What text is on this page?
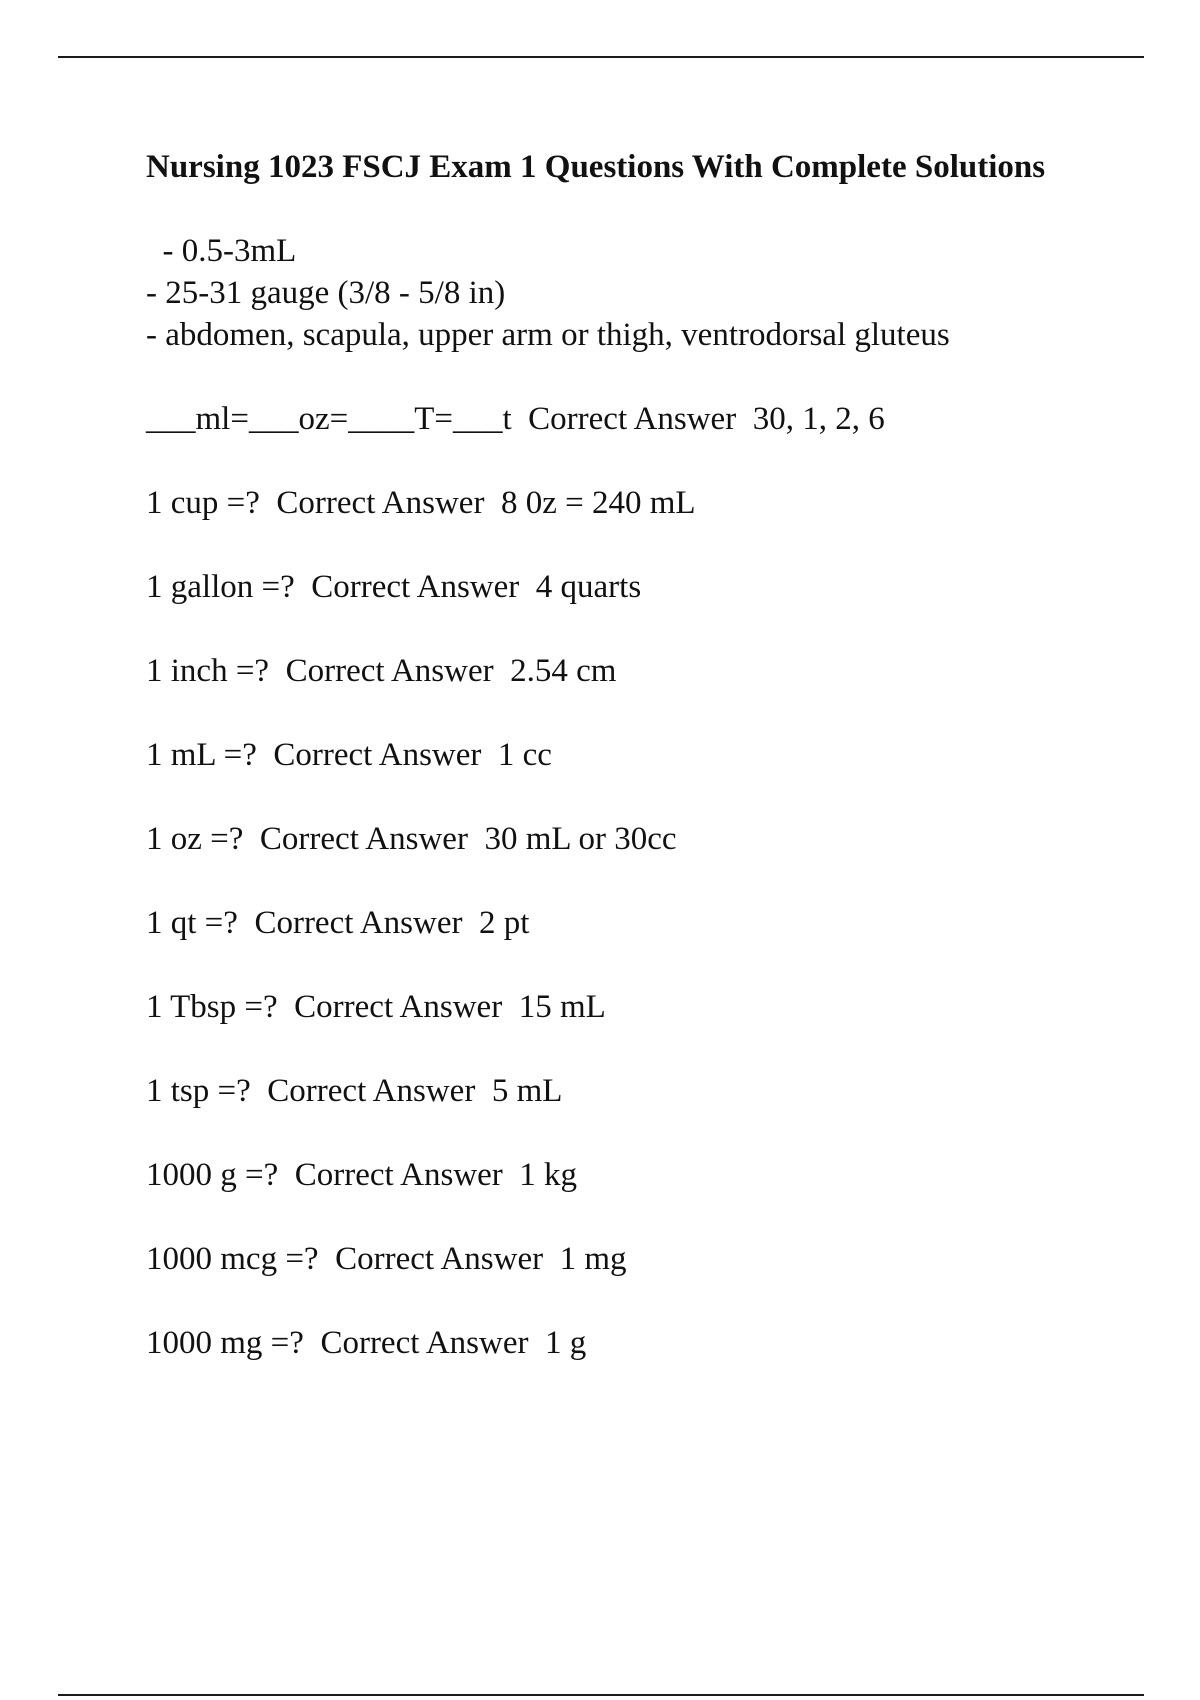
Nursing 1023 FSCJ Exam 1 Questions With Complete Solutions
- 0.5-3mL
- 25-31 gauge (3/8 - 5/8 in)
- abdomen, scapula, upper arm or thigh, ventrodorsal gluteus
___ml=___oz=____T=___t Correct Answer 30, 1, 2, 6
1 cup =? Correct Answer 8 0z = 240 mL
1 gallon =? Correct Answer 4 quarts
1 inch =? Correct Answer 2.54 cm
1 mL =? Correct Answer 1 cc
1 oz =? Correct Answer 30 mL or 30cc
1 qt =? Correct Answer 2 pt
1 Tbsp =? Correct Answer 15 mL
1 tsp =? Correct Answer 5 mL
1000 g =? Correct Answer 1 kg
1000 mcg =? Correct Answer 1 mg
1000 mg =? Correct Answer 1 g
